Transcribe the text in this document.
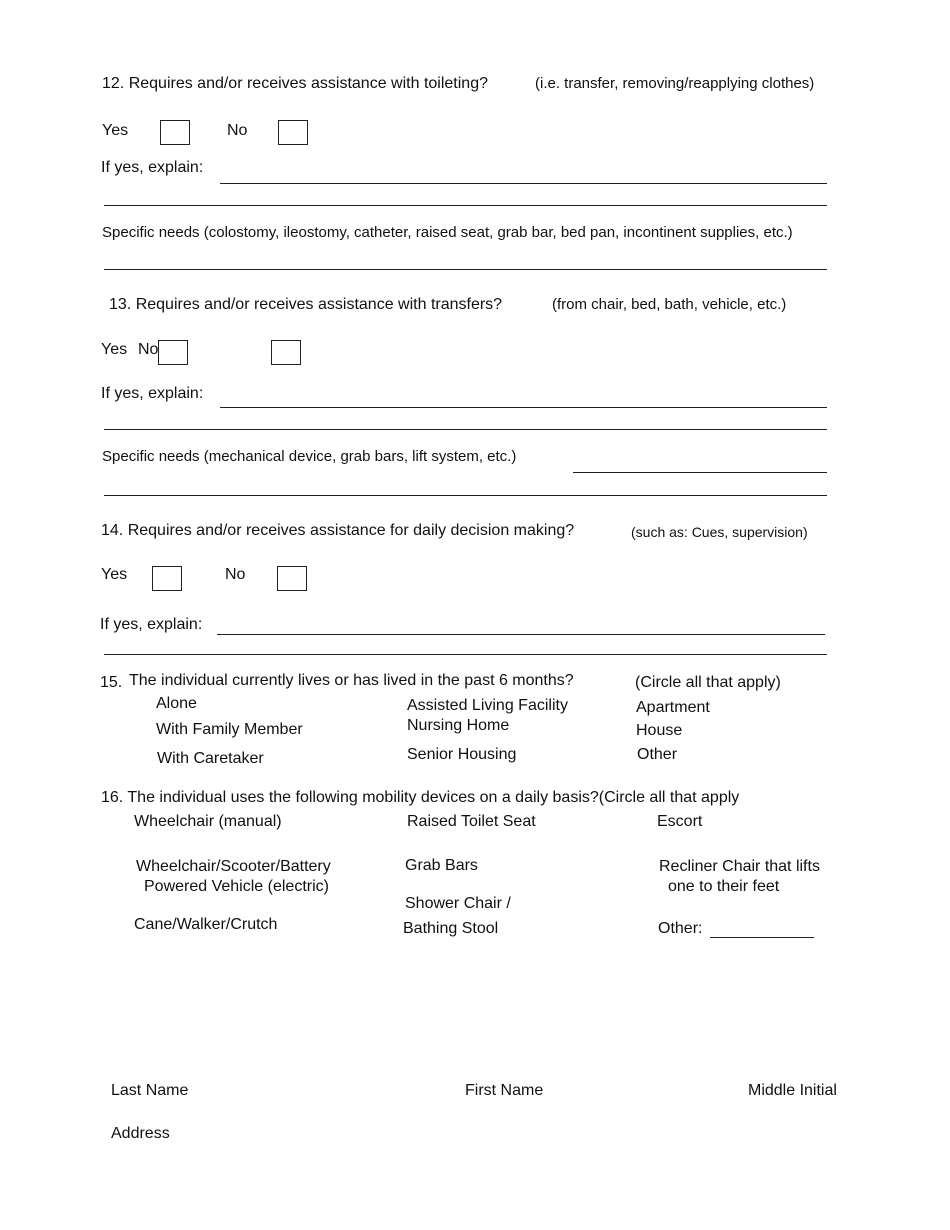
12. Requires and/or receives assistance with toileting?	(i.e. transfer, removing/reapplying clothes)
Yes	No
If yes, explain:
Specific needs (colostomy, ileostomy, catheter, raised seat, grab bar, bed pan, incontinent supplies, etc.)
13. Requires and/or receives assistance with transfers?	(from chair, bed, bath, vehicle, etc.)
Yes No
If yes, explain:
Specific needs (mechanical device, grab bars, lift system, etc.)
14. Requires and/or receives assistance for daily decision making?	(such as: Cues, supervision)
Yes	No
If yes, explain:
15. The individual currently lives or has lived in the past 6 months?	(Circle all that apply)
Alone
With Family Member
With Caretaker
Assisted Living Facility
Nursing Home
Senior Housing
Apartment
House
Other
16. The individual uses the following mobility devices on a daily basis?(Circle all that apply
Wheelchair (manual)
Wheelchair/Scooter/Battery
Powered Vehicle (electric)
Cane/Walker/Crutch
Raised Toilet Seat
Grab Bars
Shower Chair /
Bathing Stool
Escort
Recliner Chair that lifts
one to their feet
Other:
Last Name	First Name	Middle Initial
Address
